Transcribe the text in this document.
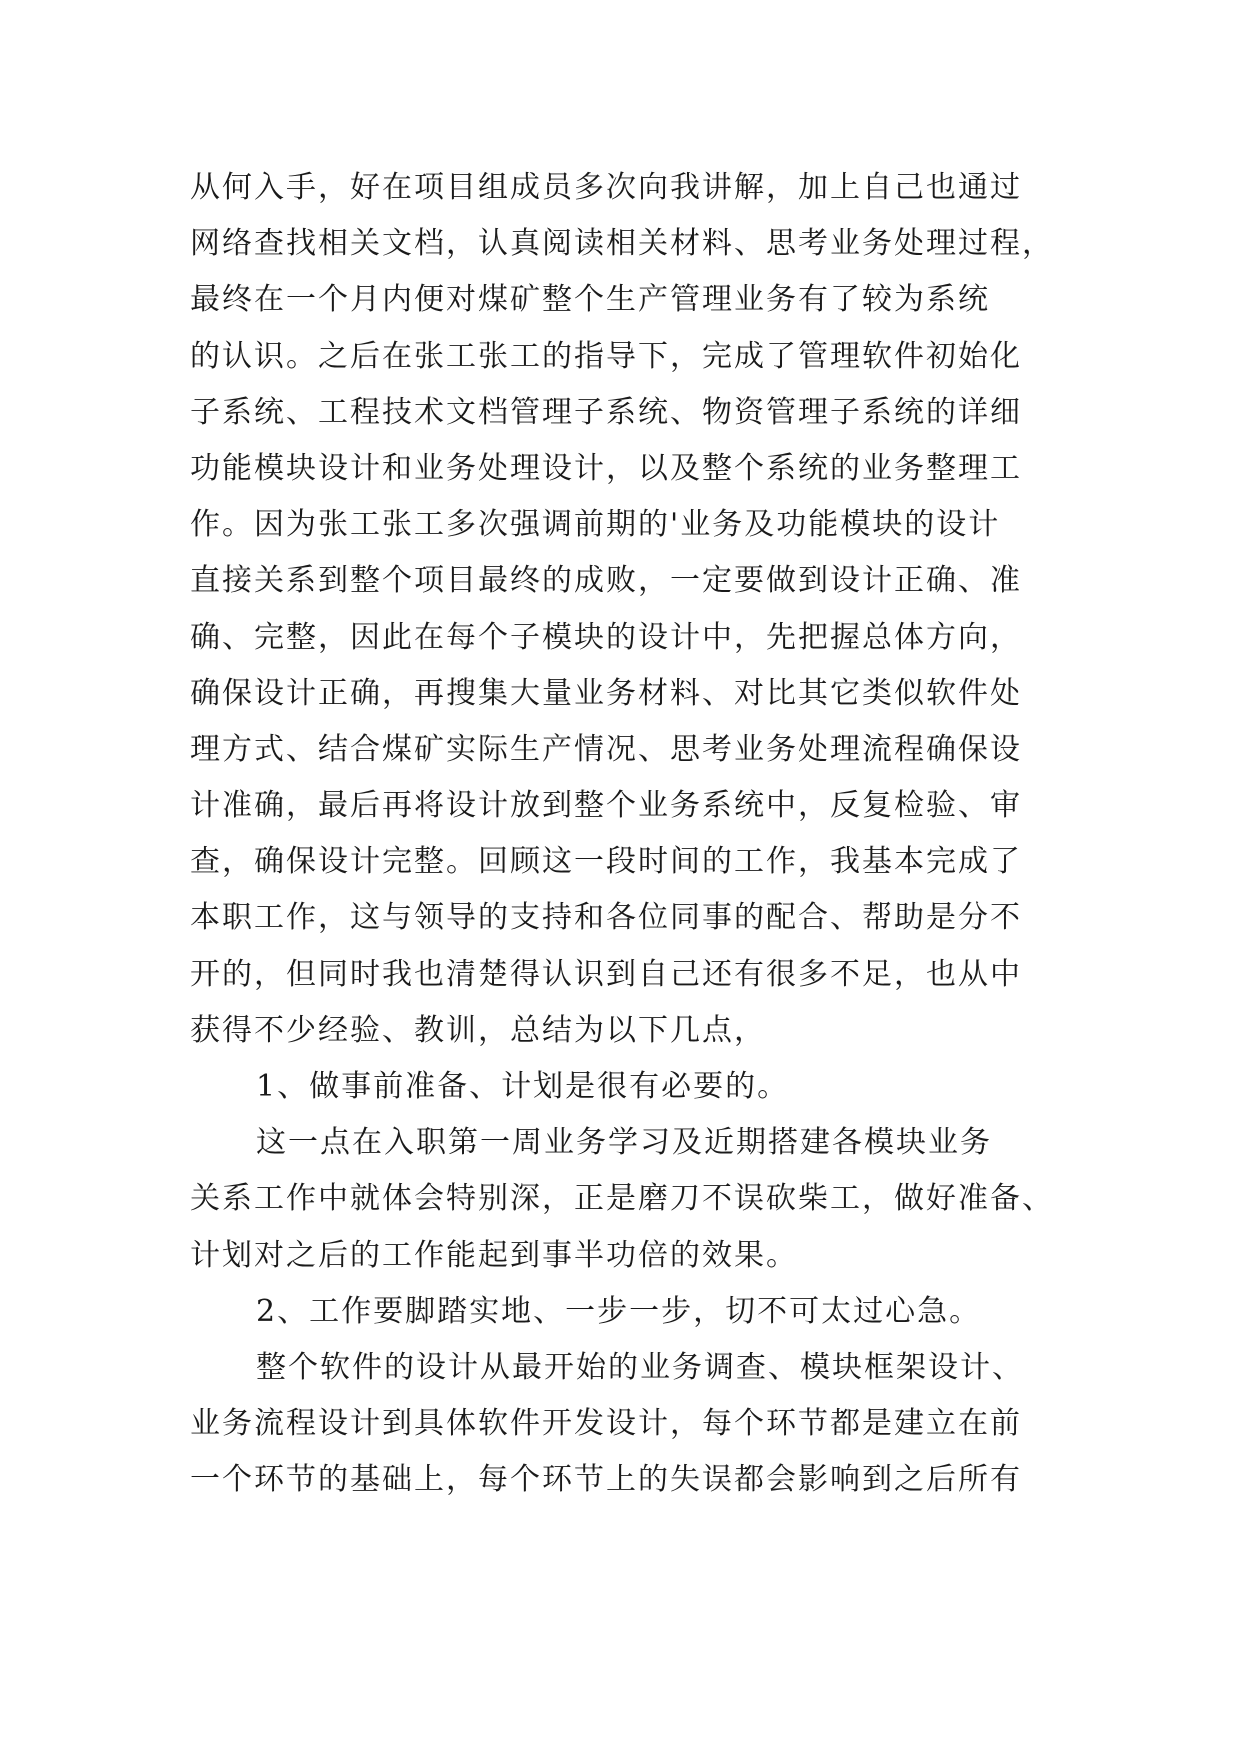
从何入手，好在项目组成员多次向我讲解，加上自己也通过
网络查找相关文档，认真阅读相关材料、思考业务处理过程，
最终在一个月内便对煤矿整个生产管理业务有了较为系统
的认识。之后在张工张工的指导下，完成了管理软件初始化
子系统、工程技术文档管理子系统、物资管理子系统的详细
功能模块设计和业务处理设计，以及整个系统的业务整理工
作。因为张工张工多次强调前期的'业务及功能模块的设计
直接关系到整个项目最终的成败，一定要做到设计正确、准
确、完整，因此在每个子模块的设计中，先把握总体方向，
确保设计正确，再搜集大量业务材料、对比其它类似软件处
理方式、结合煤矿实际生产情况、思考业务处理流程确保设
计准确，最后再将设计放到整个业务系统中，反复检验、审
查，确保设计完整。回顾这一段时间的工作，我基本完成了
本职工作，这与领导的支持和各位同事的配合、帮助是分不
开的，但同时我也清楚得认识到自己还有很多不足，也从中
获得不少经验、教训，总结为以下几点，
1、做事前准备、计划是很有必要的。
这一点在入职第一周业务学习及近期搭建各模块业务
关系工作中就体会特别深，正是磨刀不误砍柴工，做好准备、
计划对之后的工作能起到事半功倍的效果。
2、工作要脚踏实地、一步一步，切不可太过心急。
整个软件的设计从最开始的业务调查、模块框架设计、
业务流程设计到具体软件开发设计，每个环节都是建立在前
一个环节的基础上，每个环节上的失误都会影响到之后所有
